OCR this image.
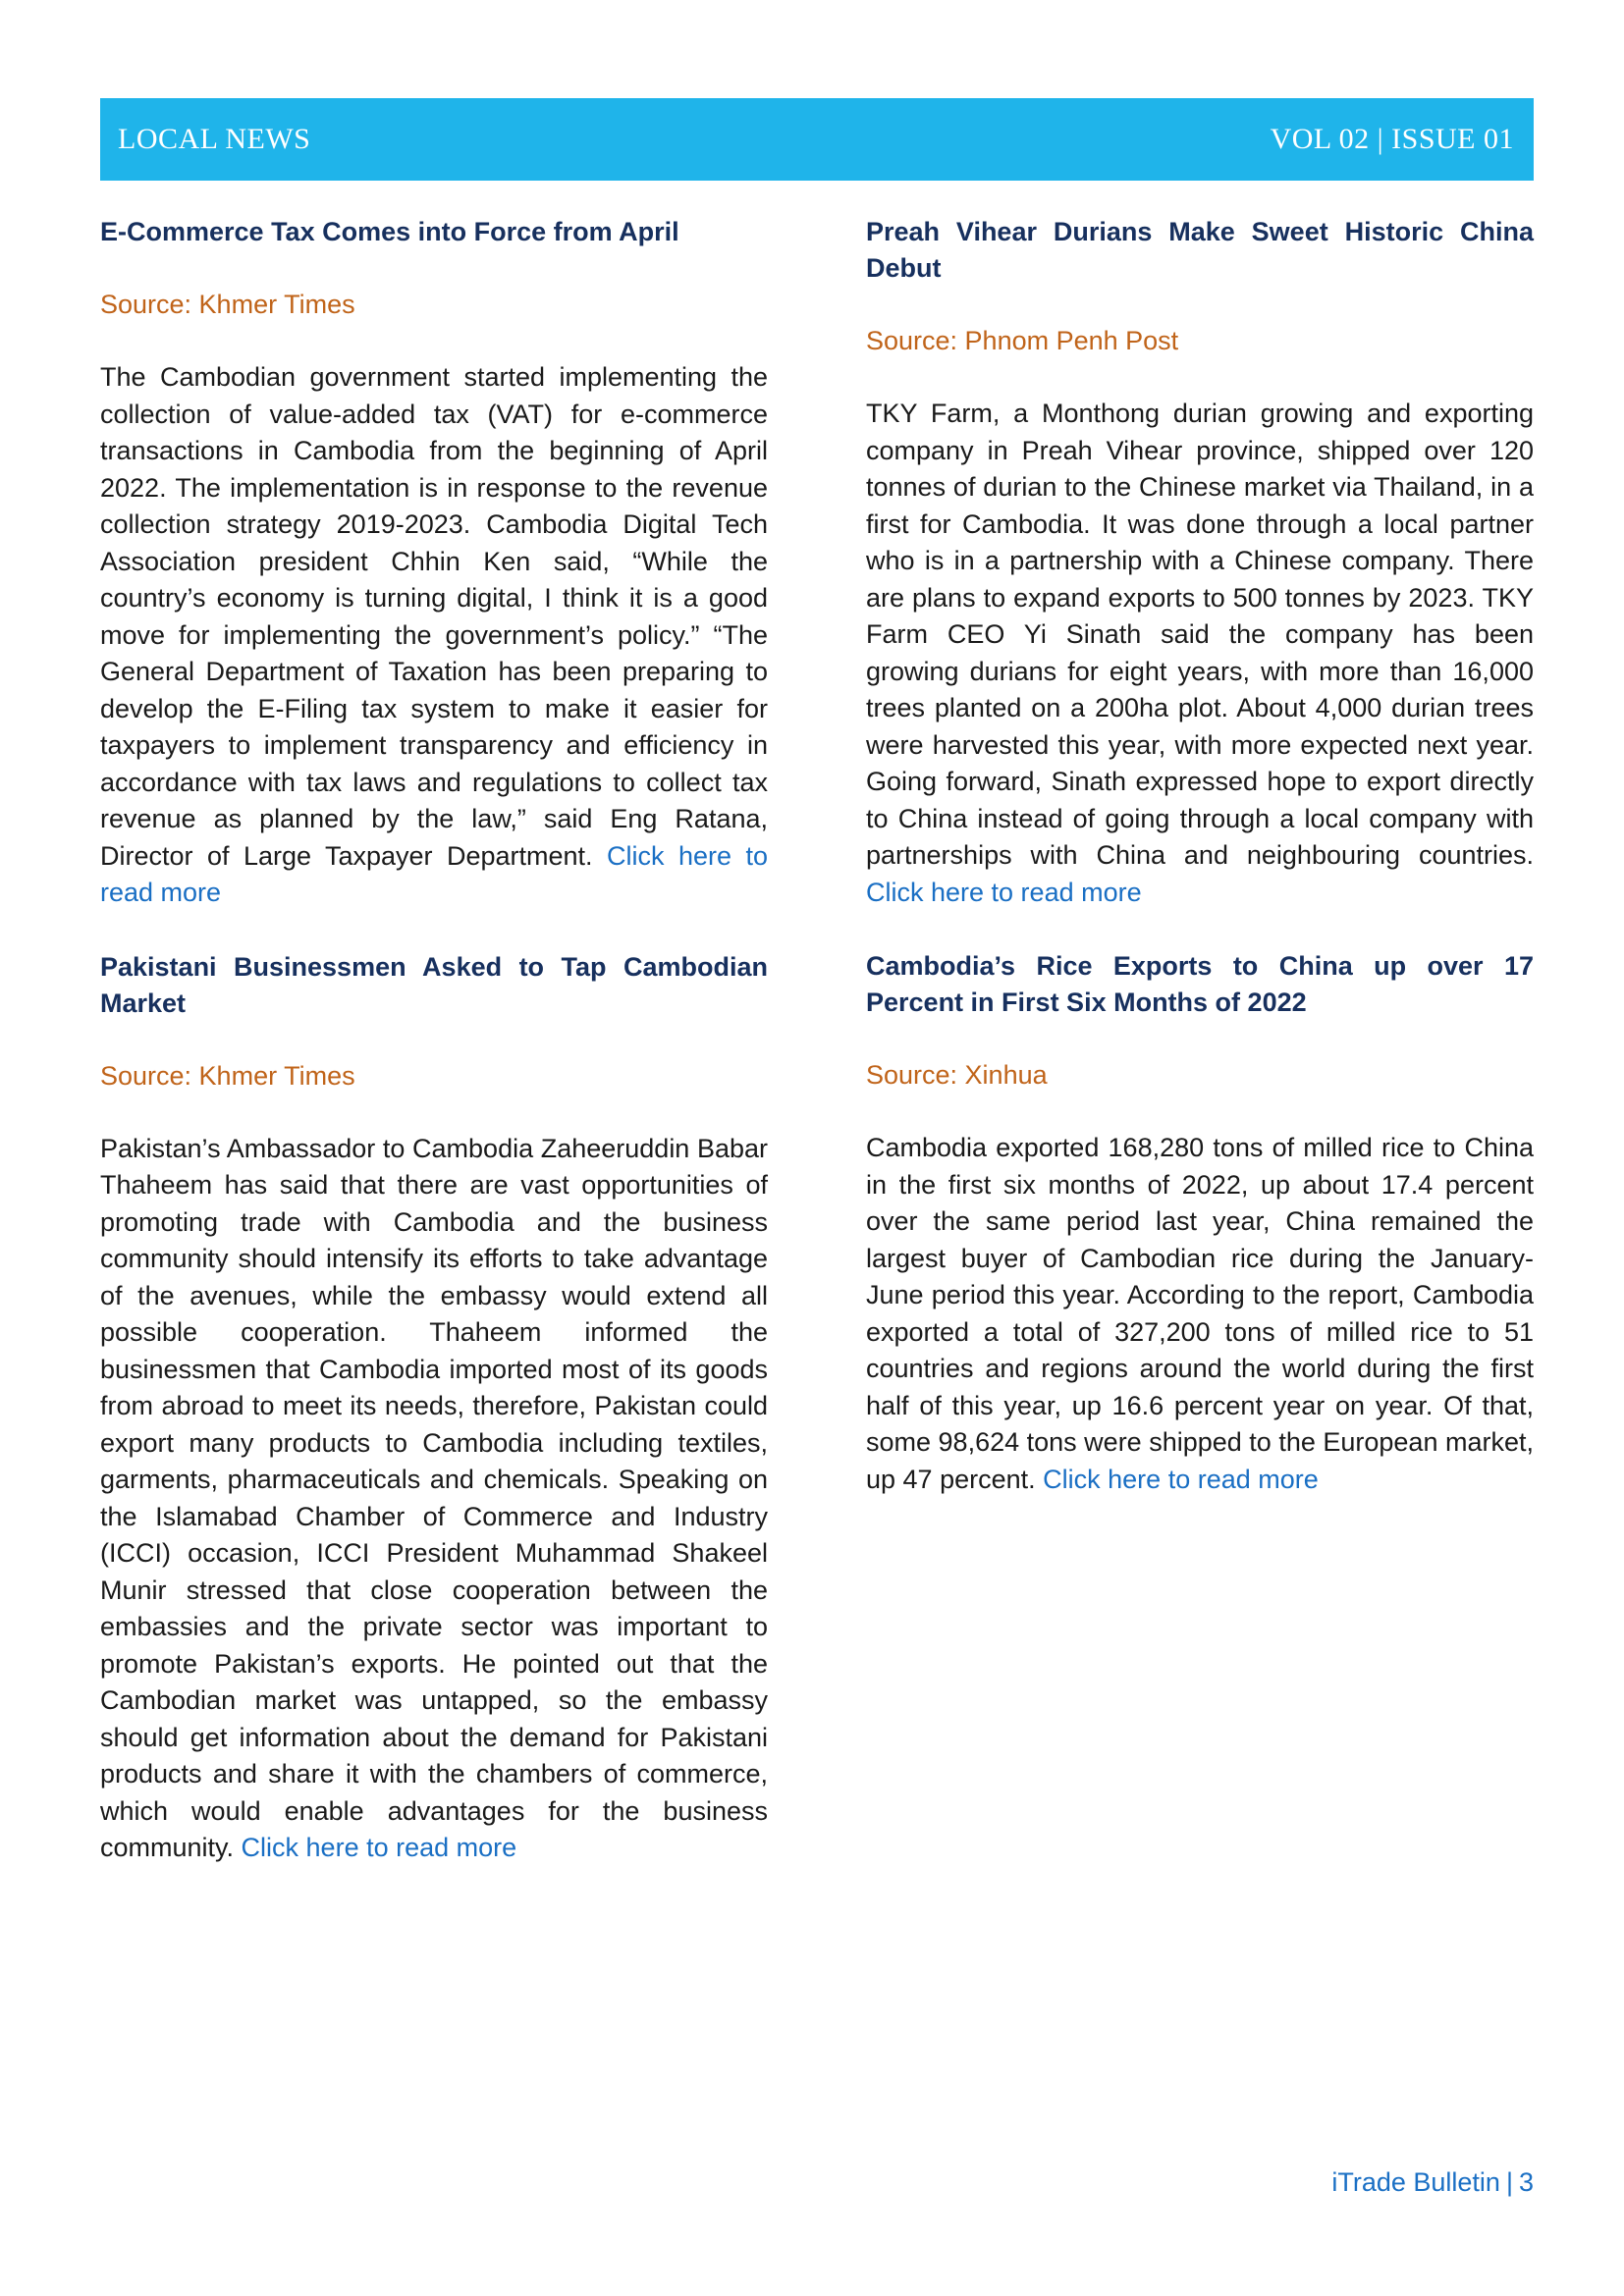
LOCAL NEWS	VOL 02 | ISSUE 01

E-Commerce Tax Comes into Force from April

Source: Khmer Times

The Cambodian government started implementing the collection of value-added tax (VAT) for e-commerce transactions in Cambodia from the beginning of April 2022. The implementation is in response to the revenue collection strategy 2019-2023. Cambodia Digital Tech Association president Chhin Ken said, “While the country’s economy is turning digital, I think it is a good move for implementing the government’s policy.” “The General Department of Taxation has been preparing to develop the E-Filing tax system to make it easier for taxpayers to implement transparency and efficiency in accordance with tax laws and regulations to collect tax revenue as planned by the law,” said Eng Ratana, Director of Large Taxpayer Department. Click here to read more

Pakistani Businessmen Asked to Tap Cambodian Market

Source: Khmer Times

Pakistan’s Ambassador to Cambodia Zaheeruddin Babar Thaheem has said that there are vast opportunities of promoting trade with Cambodia and the business community should intensify its efforts to take advantage of the avenues, while the embassy would extend all possible cooperation. Thaheem informed the businessmen that Cambodia imported most of its goods from abroad to meet its needs, therefore, Pakistan could export many products to Cambodia including textiles, garments, pharmaceuticals and chemicals. Speaking on the Islamabad Chamber of Commerce and Industry (ICCI) occasion, ICCI President Muhammad Shakeel Munir stressed that close cooperation between the embassies and the private sector was important to promote Pakistan’s exports. He pointed out that the Cambodian market was untapped, so the embassy should get information about the demand for Pakistani products and share it with the chambers of commerce, which would enable advantages for the business community. Click here to read more

Preah Vihear Durians Make Sweet Historic China Debut

Source: Phnom Penh Post

TKY Farm, a Monthong durian growing and exporting company in Preah Vihear province, shipped over 120 tonnes of durian to the Chinese market via Thailand, in a first for Cambodia. It was done through a local partner who is in a partnership with a Chinese company. There are plans to expand exports to 500 tonnes by 2023. TKY Farm CEO Yi Sinath said the company has been growing durians for eight years, with more than 16,000 trees planted on a 200ha plot. About 4,000 durian trees were harvested this year, with more expected next year. Going forward, Sinath expressed hope to export directly to China instead of going through a local company with partnerships with China and neighbouring countries. Click here to read more

Cambodia’s Rice Exports to China up over 17 Percent in First Six Months of 2022

Source: Xinhua

Cambodia exported 168,280 tons of milled rice to China in the first six months of 2022, up about 17.4 percent over the same period last year, China remained the largest buyer of Cambodian rice during the January-June period this year. According to the report, Cambodia exported a total of 327,200 tons of milled rice to 51 countries and regions around the world during the first half of this year, up 16.6 percent year on year. Of that, some 98,624 tons were shipped to the European market, up 47 percent. Click here to read more

iTrade Bulletin | 3
